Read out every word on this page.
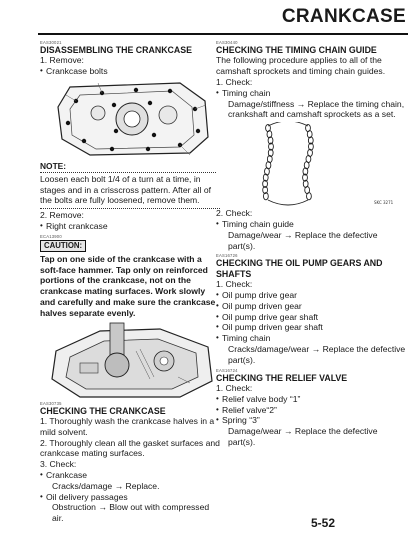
CRANKCASE
EAS30021
DISASSEMBLING THE CRANKCASE
1. Remove:
• Crankcase bolts
NOTE:
Loosen each bolt 1/4 of a turn at a time, in stages and in a crisscross pattern. After all of the bolts are fully loosened, remove them.
2. Remove:
• Right crankcase
ECA13900
CAUTION:
Tap on one side of the crankcase with a soft-face hammer. Tap only on reinforced portions of the crankcase, not on the crankcase mating surfaces. Work slowly and carefully and make sure the crankcase halves separate evenly.
EAS30735
CHECKING THE CRANKCASE
1. Thoroughly wash the crankcase halves in a mild solvent.
2. Thoroughly clean all the gasket surfaces and crankcase mating surfaces.
3. Check:
• Crankcase
Cracks/damage → Replace.
• Oil delivery passages
Obstruction → Blow out with compressed air.
EAS30440
CHECKING THE TIMING CHAIN GUIDE
The following procedure applies to all of the camshaft sprockets and timing chain guides.
1. Check:
• Timing chain
Damage/stiffness → Replace the timing chain, crankshaft and camshaft sprockets as a set.
SKC 3271
2. Check:
• Timing chain guide
Damage/wear → Replace the defective part(s).
EAS16726
CHECKING THE OIL PUMP GEARS AND SHAFTS
1. Check:
• Oil pump drive gear
• Oil pump driven gear
• Oil pump drive gear shaft
• Oil pump driven gear shaft
• Timing chain
Cracks/damage/wear → Replace the defective part(s).
EAS16724
CHECKING THE RELIEF VALVE
1. Check:
• Relief valve body “1”
• Relief valve“2”
• Spring “3”
Damage/wear → Replace the defective part(s).
5-52
